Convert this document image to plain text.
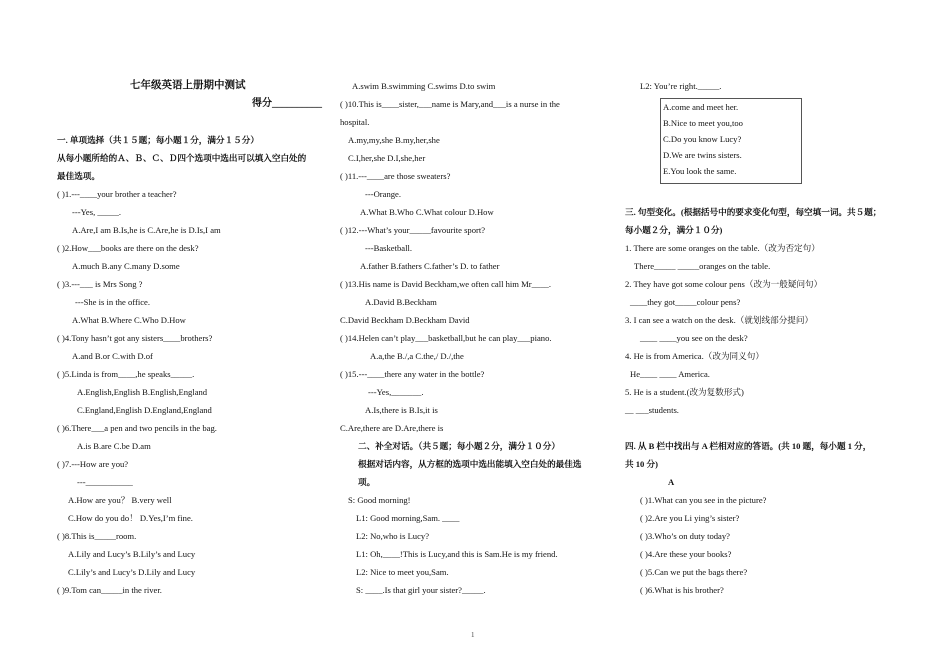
七年级英语上册期中测试
得分__________
一. 单项选择（共１５题；每小题１分，满分１５分）
从每小题所给的Ａ、Ｂ、Ｃ、Ｄ四个选项中选出可以填入空白处的
最佳选项。
( )1.---____your brother a teacher?
---Yes, _____.
A.Are,I am B.Is,he is C.Are,he is D.Is,I am
( )2.How___books are there on the desk?
A.much B.any C.many D.some
( )3.---___ is Mrs Song ?
---She is in the office.
A.What B.Where C.Who D.How
( )4.Tony hasn’t got any sisters____brothers?
A.and B.or C.with D.of
( )5.Linda is from____,he speaks_____.
A.English,English B.English,England
C.England,English D.England,England
( )6.There___a pen and two pencils in the bag.
A.is B.are C.be D.am
( )7.---How are you?
---___________
A.How are you？ B.very well
C.How do you do！ D.Yes,I’m fine.
( )8.This is_____room.
A.Lily and Lucy’s B.Lily’s and Lucy
C.Lily’s and Lucy’s D.Lily and Lucy
( )9.Tom can_____in the river.
A.swim B.swimming C.swims D.to swim
( )10.This is____sister,___name is Mary,and___is a nurse in the
hospital.
A.my,my,she B.my,her,she
C.I,her,she D.I,she,her
( )11.---____are those sweaters?
---Orange.
A.What B.Who C.What colour D.How
( )12.---What’s your_____favourite sport?
---Basketball.
A.father B.fathers C.father’s D. to father
( )13.His name is David Beckham,we often call him Mr____.
A.David B.Beckham
C.David Beckham D.Beckham David
( )14.Helen can’t play___basketball,but he can play___piano.
A.a,the B./,a C.the,/ D./,the
( )15.---____there any water in the bottle?
---Yes,_______.
A.Is,there is B.Is,it is
C.Are,there are D.Are,there is
二、补全对话。（共５题；每小题２分，满分１０分）
根据对话内容，从方框的选项中选出能填入空白处的最佳选
项。
S: Good morning!
L1: Good morning,Sam. ____
L2: No,who is Lucy?
L1: Oh,____!This is Lucy,and this is Sam.He is my friend.
L2: Nice to meet you,Sam.
S: ____.Is that girl your sister?_____.
L2: You’re right._____.
A.come and meet her.
B.Nice to meet you,too
C.Do you know Lucy?
D.We are twins sisters.
E.You look the same.
三. 句型变化。(根据括号中的要求变化句型，每空填一词。共５题；
每小题２分，满分１０分)
1. There are some oranges on the table.（改为否定句）
There_____ _____oranges on the table.
2. They have got some colour pens（改为一般疑问句）
____they got_____colour pens?
3. I can see a watch on the desk.（就划线部分提问）
____ ____you see on the desk?
4. He is from America.（改为同义句）
He____ ____ America.
5. He is a student.(改为复数形式)
__ ___students.
四. 从 B 栏中找出与 A 栏相对应的答语。(共 10 题，每小题 1 分，
共 10 分)
A
( )1.What can you see in the picture?
( )2.Are you Li ying’s sister?
( )3.Who’s on duty today?
( )4.Are these your books?
( )5.Can we put the bags there?
( )6.What is his brother?
1
